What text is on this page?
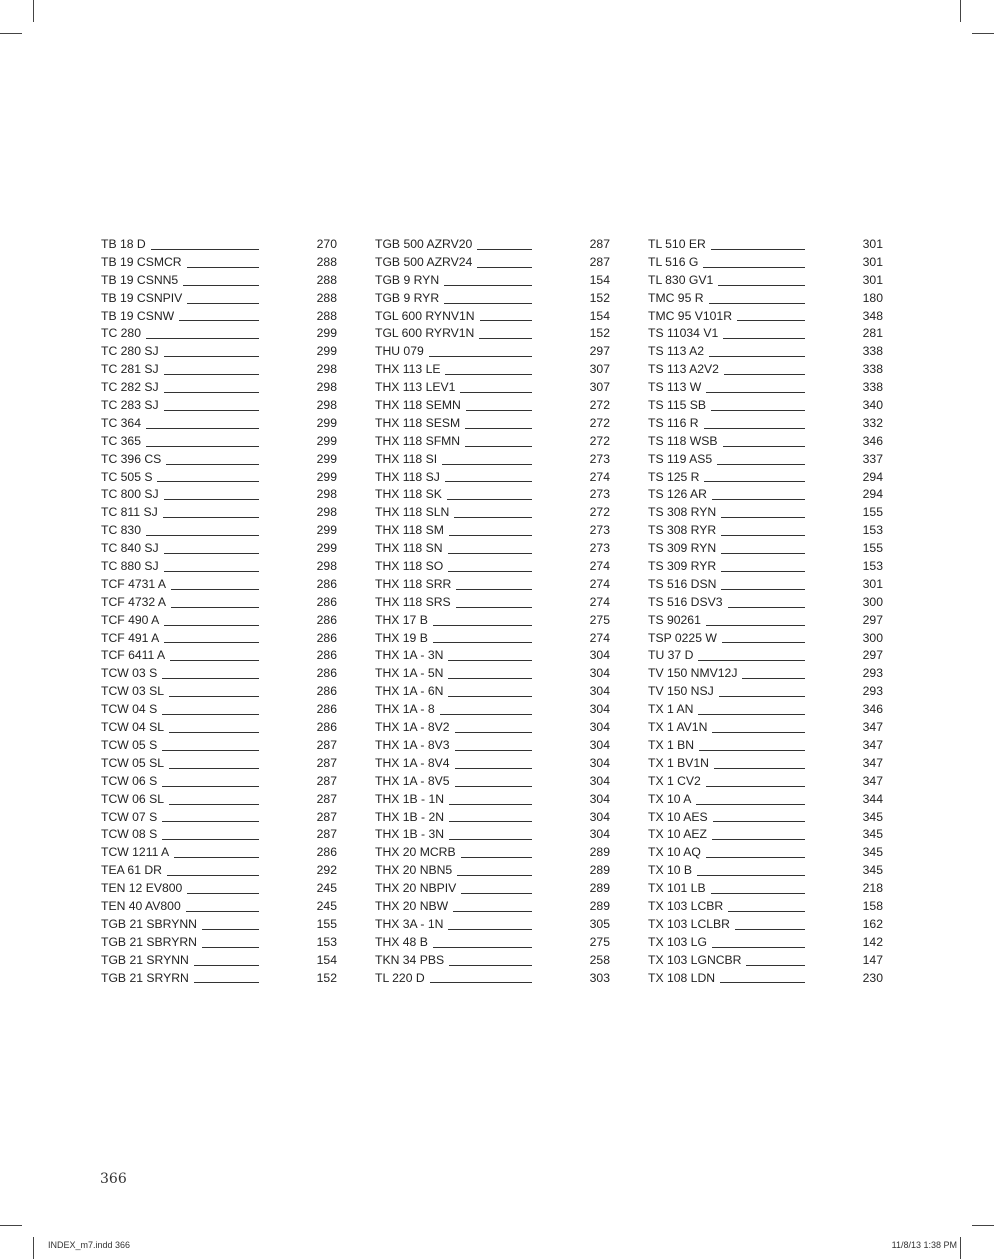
TB 18 D	270
TB 19 CSMCR	288
TB 19 CSNN5	288
TB 19 CSNPIV	288
TB 19 CSNW	288
TC 280	299
TC 280 SJ	299
TC 281 SJ	298
TC 282 SJ	298
TC 283 SJ	298
TC 364	299
TC 365	299
TC 396 CS	299
TC 505 S	299
TC 800 SJ	298
TC 811 SJ	298
TC 830	299
TC 840 SJ	299
TC 880 SJ	298
TCF 4731 A	286
TCF 4732 A	286
TCF 490 A	286
TCF 491 A	286
TCF 6411 A	286
TCW 03 S	286
TCW 03 SL	286
TCW 04 S	286
TCW 04 SL	286
TCW 05 S	287
TCW 05 SL	287
TCW 06 S	287
TCW 06 SL	287
TCW 07 S	287
TCW 08 S	287
TCW 1211 A	286
TEA 61 DR	292
TEN 12 EV800	245
TEN 40 AV800	245
TGB 21 SBRYNN	155
TGB 21 SBRYRN	153
TGB 21 SRYNN	154
TGB 21 SRYRN	152
TGB 500 AZRV20	287
TGB 500 AZRV24	287
TGB 9 RYN	154
TGB 9 RYR	152
TGL 600 RYNV1N	154
TGL 600 RYRV1N	152
THU 079	297
THX 113 LE	307
THX 113 LEV1	307
THX 118 SEMN	272
THX 118 SESM	272
THX 118 SFMN	272
THX 118 SI	273
THX 118 SJ	274
THX 118 SK	273
THX 118 SLN	272
THX 118 SM	273
THX 118 SN	273
THX 118 SO	274
THX 118 SRR	274
THX 118 SRS	274
THX 17 B	275
THX 19 B	274
THX 1A - 3N	304
THX 1A - 5N	304
THX 1A - 6N	304
THX 1A - 8	304
THX 1A - 8V2	304
THX 1A - 8V3	304
THX 1A - 8V4	304
THX 1A - 8V5	304
THX 1B - 1N	304
THX 1B - 2N	304
THX 1B - 3N	304
THX 20 MCRB	289
THX 20 NBN5	289
THX 20 NBPIV	289
THX 20 NBW	289
THX 3A - 1N	305
THX 48 B	275
TKN 34 PBS	258
TL 220 D	303
TL 510 ER	301
TL 516 G	301
TL 830 GV1	301
TMC 95 R	180
TMC 95 V101R	348
TS 11034 V1	281
TS 113 A2	338
TS 113 A2V2	338
TS 113 W	338
TS 115 SB	340
TS 116 R	332
TS 118 WSB	346
TS 119 AS5	337
TS 125 R	294
TS 126 AR	294
TS 308 RYN	155
TS 308 RYR	153
TS 309 RYN	155
TS 309 RYR	153
TS 516 DSN	301
TS 516 DSV3	300
TS 90261	297
TSP 0225 W	300
TU 37 D	297
TV 150 NMV12J	293
TV 150 NSJ	293
TX 1 AN	346
TX 1 AV1N	347
TX 1 BN	347
TX 1 BV1N	347
TX 1 CV2	347
TX 10 A	344
TX 10 AES	345
TX 10 AEZ	345
TX 10 AQ	345
TX 10 B	345
TX 101 LB	218
TX 103 LCBR	158
TX 103 LCLBR	162
TX 103 LG	142
TX 103 LGNCBR	147
TX 108 LDN	230
366
INDEX_m7.indd 366	11/8/13 1:38 PM
